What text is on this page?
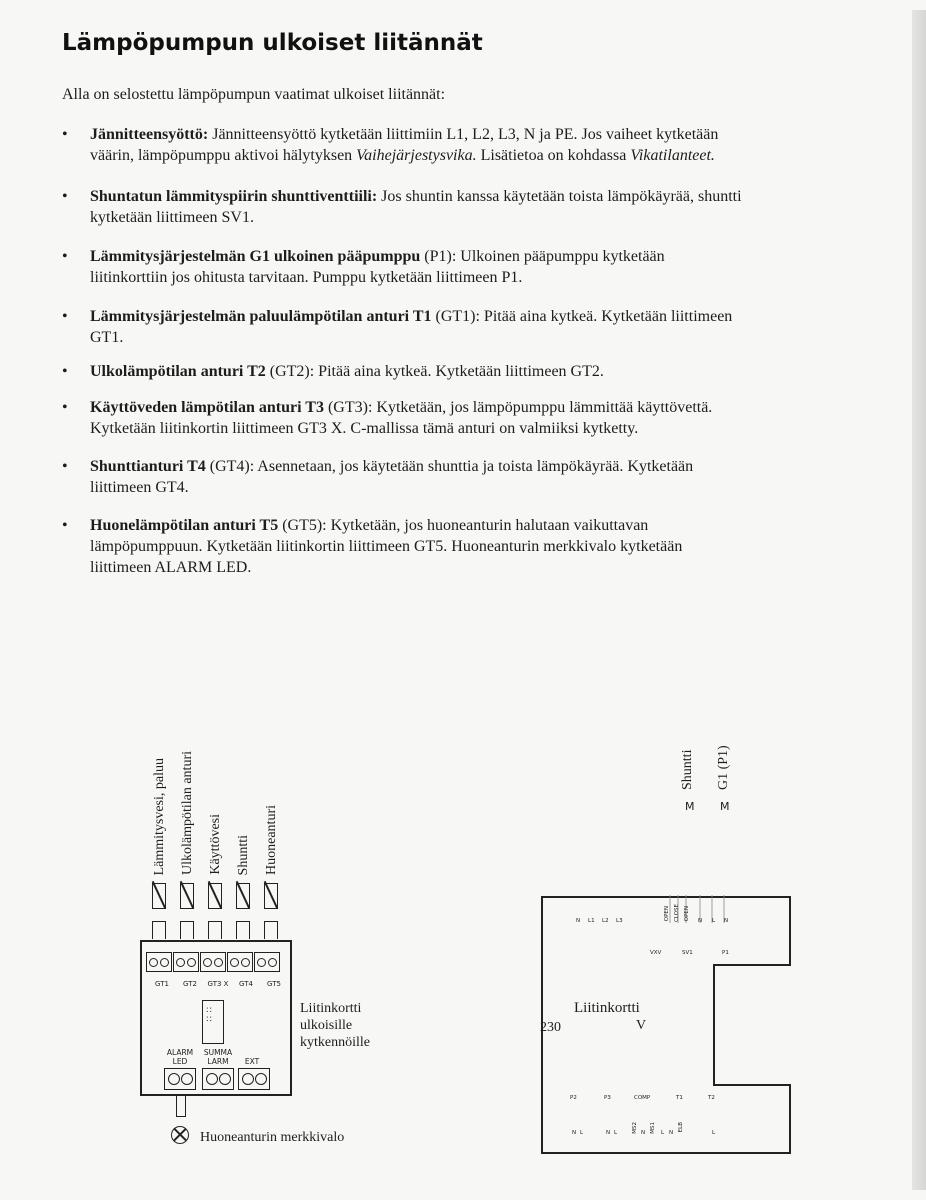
Lämpöpumpun ulkoiset liitännät

Alla on selostettu lämpöpumpun vaatimat ulkoiset liitännät:

• Jännitteensyöttö: Jännitteensyöttö kytketään liittimiin L1, L2, L3, N ja PE. Jos vaiheet kytketään väärin, lämpöpumppu aktivoi hälytyksen Vaihejärjestysvika. Lisätietoa on kohdassa Vikatilanteet.
• Shuntatun lämmityspiirin shunttiventtiili: Jos shuntin kanssa käytetään toista lämpökäyrää, shuntti kytketään liittimeen SV1.
• Lämmitysjärjestelmän G1 ulkoinen pääpumppu (P1): Ulkoinen pääpumppu kytketään liitinkorttiin jos ohitusta tarvitaan. Pumppu kytketään liittimeen P1.
• Lämmitysjärjestelmän paluulämpötilan anturi T1 (GT1): Pitää aina kytkeä. Kytketään liittimeen GT1.
• Ulkolämpötilan anturi T2 (GT2): Pitää aina kytkeä. Kytketään liittimeen GT2.
• Käyttöveden lämpötilan anturi T3 (GT3): Kytketään, jos lämpöpumppu lämmittää käyttövettä. Kytketään liitinkortin liittimeen GT3 X. C-mallissa tämä anturi on valmiiksi kytketty.
• Shunttianturi T4 (GT4): Asennetaan, jos käytetään shunttia ja toista lämpökäyrää. Kytketään liittimeen GT4.
• Huonelämpötilan anturi T5 (GT5): Kytketään, jos huoneanturin halutaan vaikuttavan lämpöpumppuun. Kytketään liitinkortin liittimeen GT5. Huoneanturin merkkivalo kytketään liittimeen ALARM LED.
Lämmitysvesi, paluu Ulkolämpötilan anturi Käyttövesi Shuntti Huoneanturi
GT1	GT2	GT3 X	GT4	GT5
:: ::
ALARM LED
SUMMA LARM	EXT
Liitinkortti
ulkoisille
kytkennöille
Huoneanturin merkkivalo
Shuntti G1 (P1)
M M
N L1 L2 L3	OPEN CLOSE OPEN N L N
VXV	SV1	P1
Liitinkortti
230	V
P2	P3	COMP	T1	T2
N L	N L	MS2 N MS1 L N
ELB
L
